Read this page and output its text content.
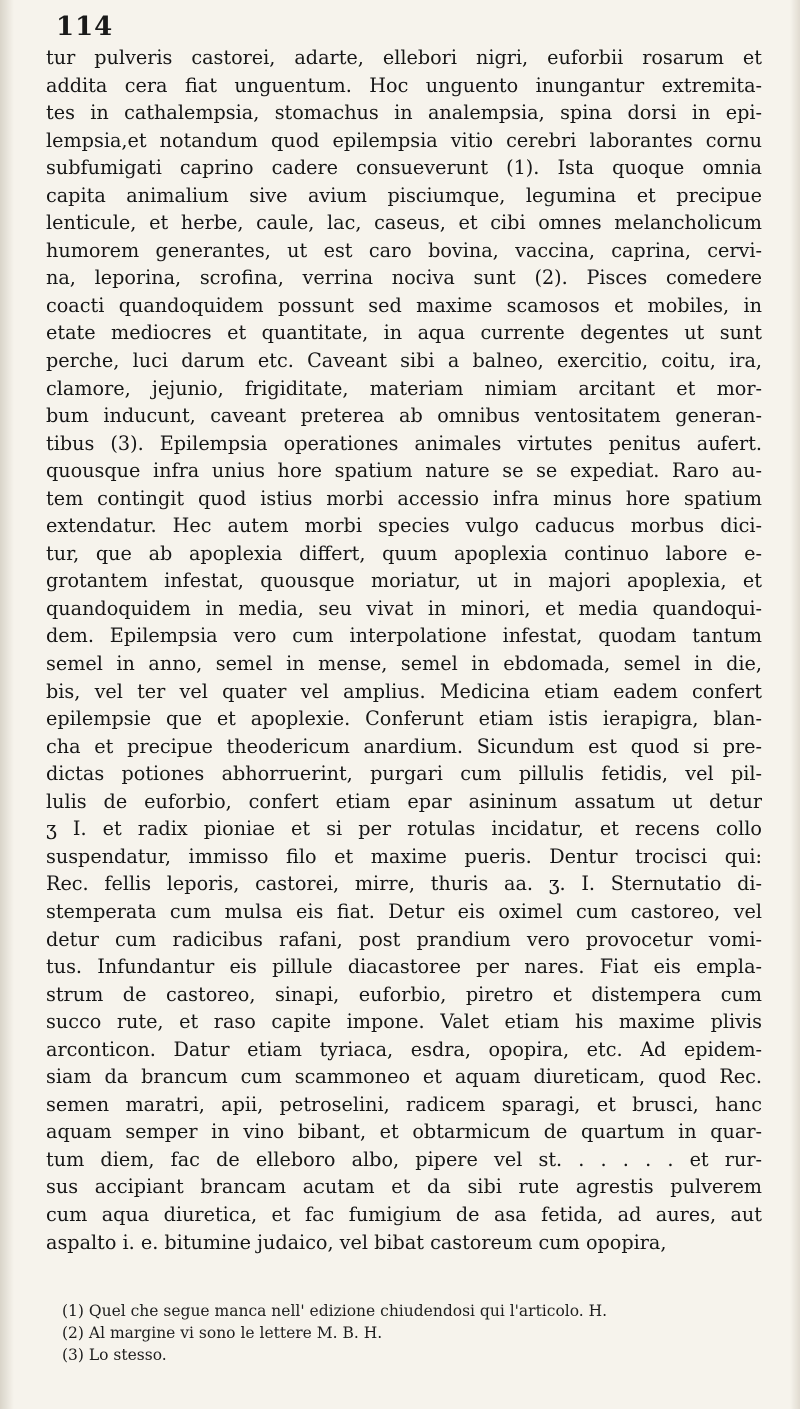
114
tur pulveris castorei, adarte, ellebori nigri, euforbii rosarum et
addita cera fiat unguentum. Hoc unguento inungantur extremita-
tes in cathalempsia, stomachus in analempsia, spina dorsi in epi-
lempsia,et notandum quod epilempsia vitio cerebri laborantes cornu
subfumigati caprino cadere consueverunt (1). Ista quoque omnia
capita animalium sive avium pisciumque, legumina et precipue
lenticule, et herbe, caule, lac, caseus, et cibi omnes melancholicum
humorem generantes, ut est caro bovina, vaccina, caprina, cervi-
na, leporina, scrofina, verrina nociva sunt (2). Pisces comedere
coacti quandoquidem possunt sed maxime scamosos et mobiles, in
etate mediocres et quantitate, in aqua currente degentes ut sunt
perche, luci darum etc. Caveant sibi a balneo, exercitio, coitu, ira,
clamore, jejunio, frigiditate, materiam nimiam arcitant et mor-
bum inducunt, caveant preterea ab omnibus ventositatem generan-
tibus (3). Epilempsia operationes animales virtutes penitus aufert.
quousque infra unius hore spatium nature se se expediat. Raro au-
tem contingit quod istius morbi accessio infra minus hore spatium
extendatur. Hec autem morbi species vulgo caducus morbus dici-
tur, que ab apoplexia differt, quum apoplexia continuo labore e-
grotantem infestat, quousque moriatur, ut in majori apoplexia, et
quandoquidem in media, seu vivat in minori, et media quandoqui-
dem. Epilempsia vero cum interpolatione infestat, quodam tantum
semel in anno, semel in mense, semel in ebdomada, semel in die,
bis, vel ter vel quater vel amplius. Medicina etiam eadem confert
epilempsie que et apoplexie. Conferunt etiam istis ierapigra, blan-
cha et precipue theodericum anardium. Sicundum est quod si pre-
dictas potiones abhorruerint, purgari cum pillulis fetidis, vel pil-
lulis de euforbio, confert etiam epar asininum assatum ut detur
ʒ I. et radix pioniae et si per rotulas incidatur, et recens collo
suspendatur, immisso filo et maxime pueris. Dentur trocisci qui:
Rec. fellis leporis, castorei, mirre, thuris aa. ʒ. I. Sternutatio di-
stemperata cum mulsa eis fiat. Detur eis oximel cum castoreo, vel
detur cum radicibus rafani, post prandium vero provocetur vomi-
tus. Infundantur eis pillule diacastoree per nares. Fiat eis empla-
strum de castoreo, sinapi, euforbio, piretro et distempera cum
succo rute, et raso capite impone. Valet etiam his maxime plivis
arconticon. Datur etiam tyriaca, esdra, opopira, etc. Ad epidem-
siam da brancum cum scammoneo et aquam diureticam, quod Rec.
semen maratri, apii, petroselini, radicem sparagi, et brusci, hanc
aquam semper in vino bibant, et obtarmicum de quartum in quar-
tum diem, fac de elleboro albo, pipere vel st. . . . . . et rur-
sus accipiant brancam acutam et da sibi rute agrestis pulverem
cum aqua diuretica, et fac fumigium de asa fetida, ad aures, aut
aspalto i. e. bitumine judaico, vel bibat castoreum cum opopira,
(1) Quel che segue manca nell' edizione chiudendosi qui l'articolo. H.
(2) Al margine vi sono le lettere M. B. H.
(3) Lo stesso.
